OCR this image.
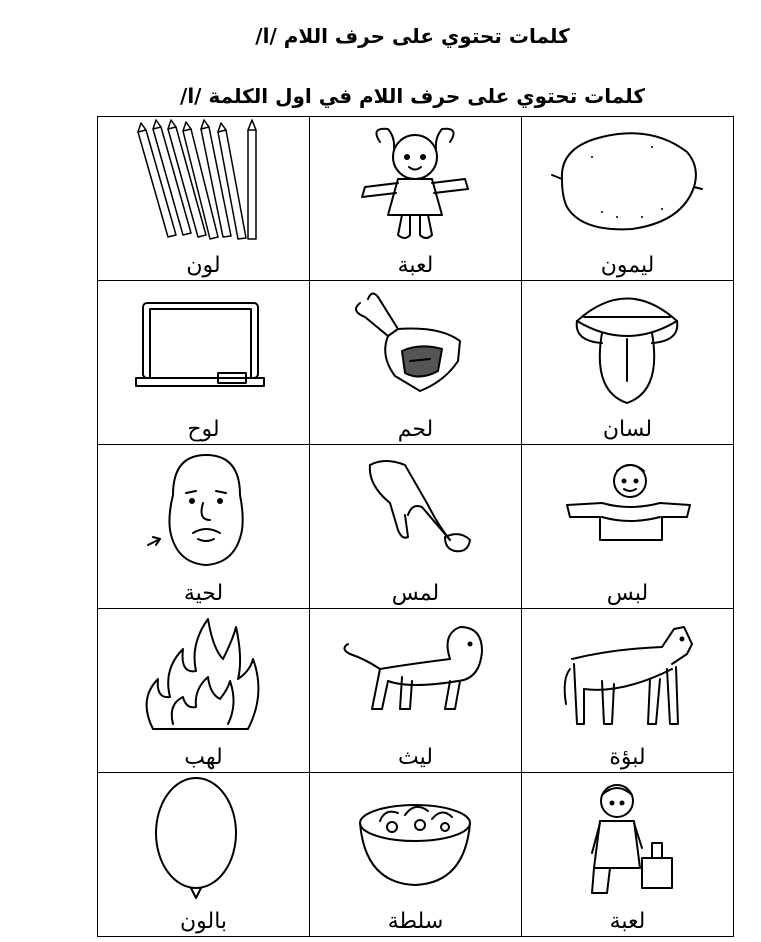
كلمات تحتوي على حرف اللام /l/
كلمات تحتوي على حرف اللام في اول الكلمة /l/
لون	لعبة	ليمون

لوح	لحم	لسان

لحية	لمس	لبس

لهب	ليث	لبؤة

بالون	سلطة	لعبة
